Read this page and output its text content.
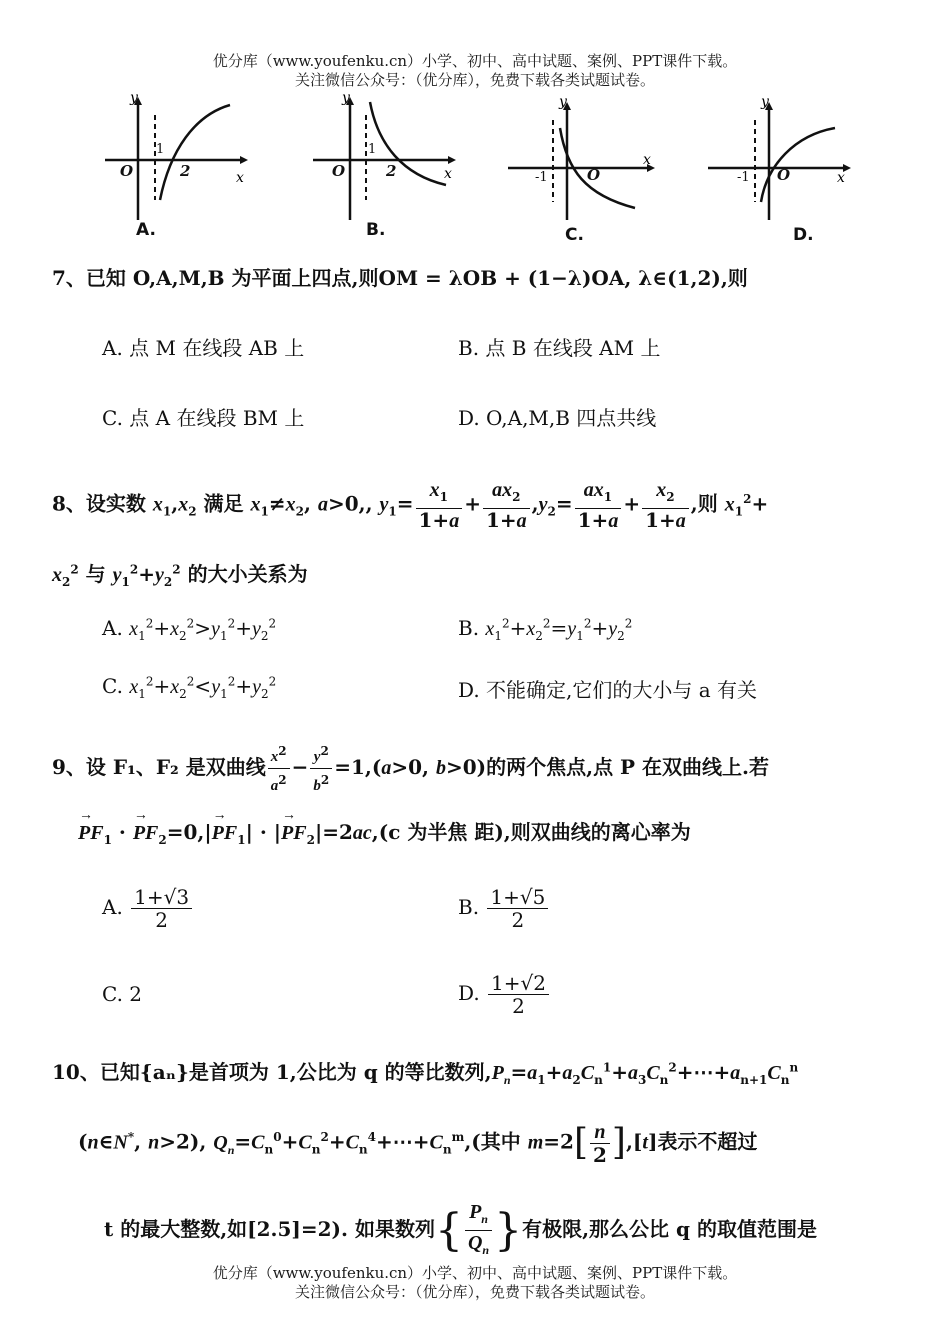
优分库（www.youfenku.cn）小学、初中、高中试题、案例、PPT课件下载。
关注微信公众号：（优分库），免费下载各类试题试卷。
y
x
O
1
2
A.
y
x
O
1
2
B.
y
x
-1	O
C.
y
x
-1 O
D.
7、已知 O,A,M,B 为平面上四点,则OM = λOB + (1−λ)OA, λ∈(1,2),则
A. 点 M 在线段 AB 上	B. 点 B 在线段 AM 上
C. 点 A 在线段 BM 上	D. O,A,M,B 四点共线
8、设实数 $x_1,x_2$ 满足 $x_1\ne x_2$, a>0,, $y_1= \frac{x_1}{1+a} + \frac{ax_2}{1+a} ,y_2= \frac{ax_1}{1+a} + \frac{x_2}{1+a}$ ,则 $x_1^2+$
$x_2^2$ 与 $y_1^2+y_2^2$ 的大小关系为
A. $x_1^2+x_2^2>y_1^2+y_2^2$	B. $x_1^2+x_2^2=y_1^2+y_2^2$
C. $x_1^2+x_2^2<y_1^2+y_2^2$	D. 不能确定,它们的大小与 a 有关
9、设 F₁、F₂ 是双曲线 $\frac{x^2}{a^2} - \frac{y^2}{b^2} =1,(a>0$, b>0)的两个焦点,点 P 在双曲线上.若
→ $PF_1$ · → $PF_2=0,|\to PF_1|$ · |→ $PF_2|=2ac,(c$ 为半焦 距),则双曲线的离心率为
A. $\frac{1+√3}{2}$	B. $\frac{1+√5}{2}$
C. 2	D. $\frac{1+√2}{2}$
10、已知{aₙ}是首项为 1,公比为 q 的等比数列$,P_n=a_1+a_2C_n^1+a_3C_n^2+\cdots+a_{n+1}C_n^n$
(n∈N*, n>2), $Q_n=C_n^0+C_n^2+C_n^4+\cdots+C_n^m$,(其中 $m=2[ \frac{n}{2} ],[t]$表示不超过
t 的最大整数,如[2.5]=2). 如果数列{ $\frac{P_n}{Q_n}$ }有极限,那么公比 q 的取值范围是
优分库（www.youfenku.cn）小学、初中、高中试题、案例、PPT课件下载。
关注微信公众号：（优分库），免费下载各类试题试卷。
